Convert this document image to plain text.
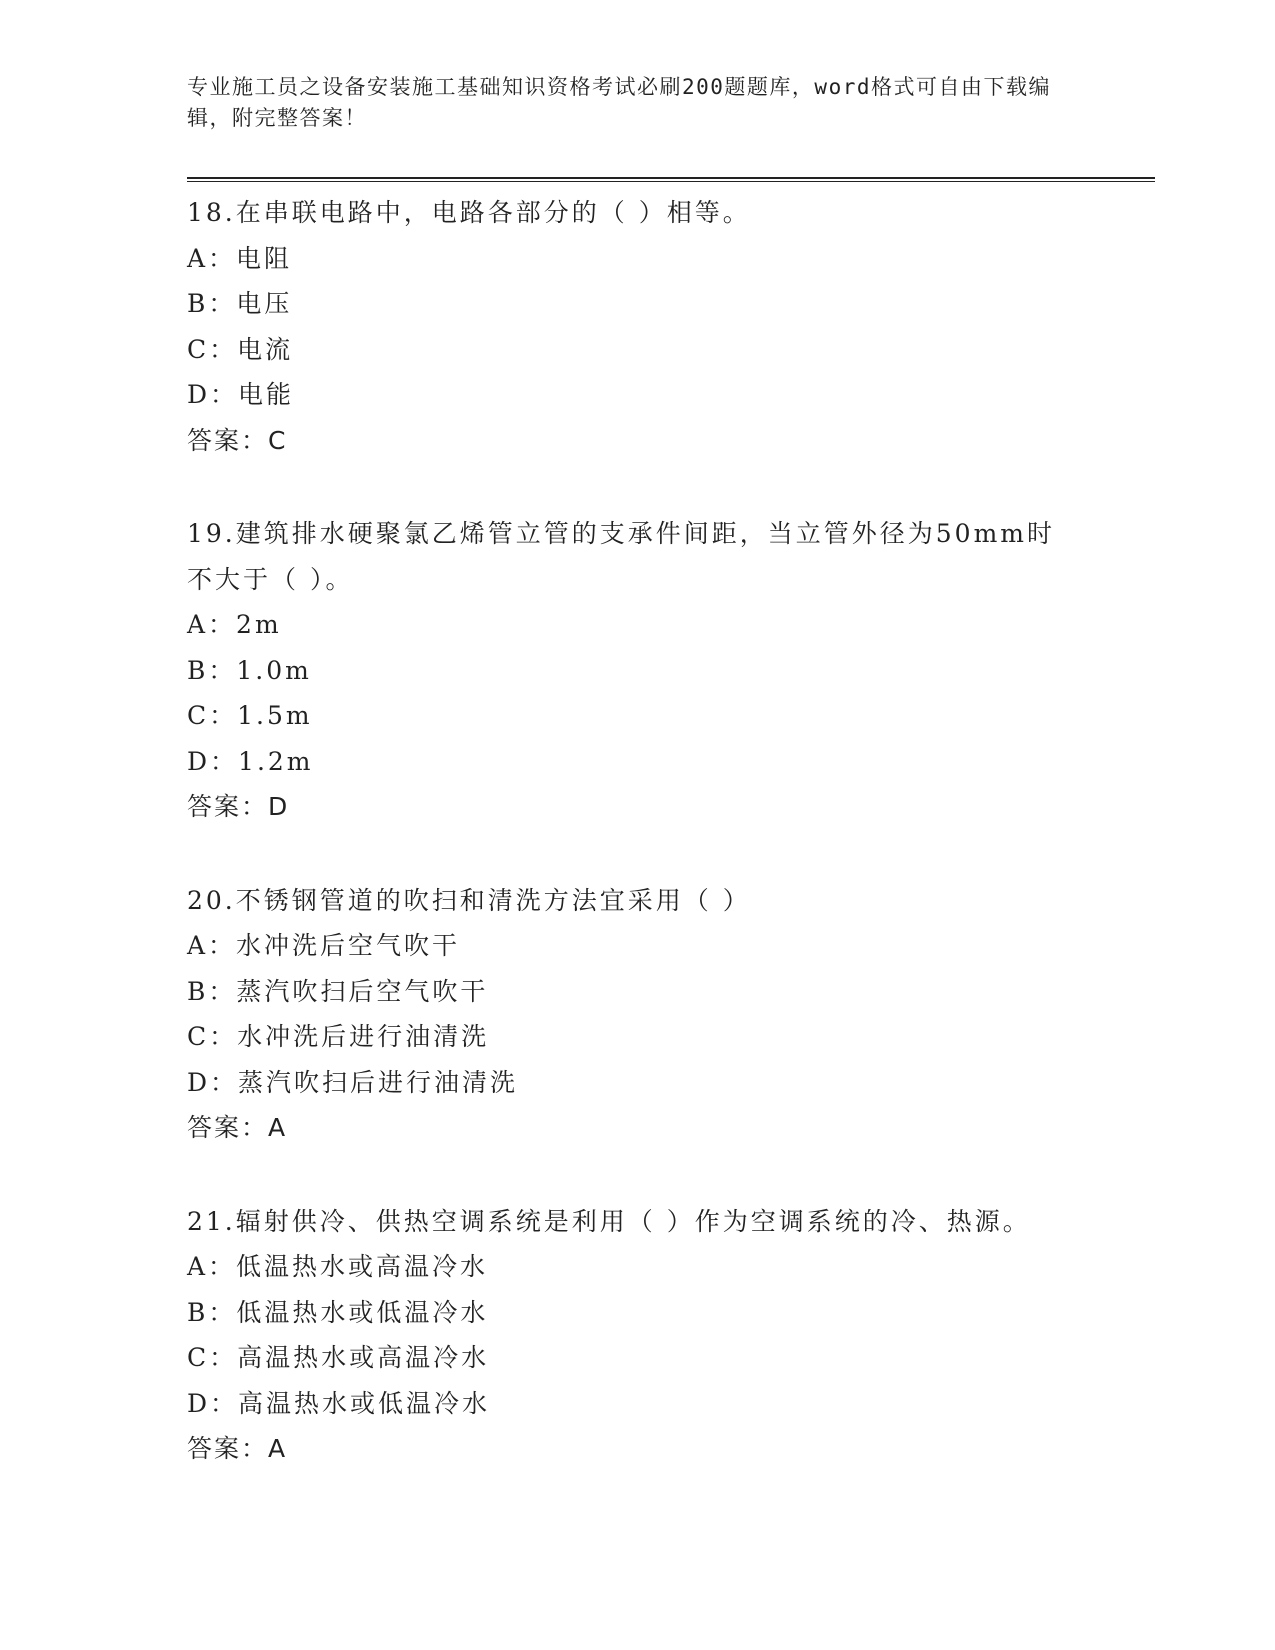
专业施工员之设备安装施工基础知识资格考试必刷200题题库，word格式可自由下载编辑，附完整答案！
18.在串联电路中，电路各部分的（ ）相等。
A：电阻
B：电压
C：电流
D：电能
答案：C
19.建筑排水硬聚氯乙烯管立管的支承件间距，当立管外径为50mm时不大于（ ）。
A：2m
B：1.0m
C：1.5m
D：1.2m
答案：D
20.不锈钢管道的吹扫和清洗方法宜采用（ ）
A：水冲洗后空气吹干
B：蒸汽吹扫后空气吹干
C：水冲洗后进行油清洗
D：蒸汽吹扫后进行油清洗
答案：A
21.辐射供冷、供热空调系统是利用（ ）作为空调系统的冷、热源。
A：低温热水或高温冷水
B：低温热水或低温冷水
C：高温热水或高温冷水
D：高温热水或低温冷水
答案：A
